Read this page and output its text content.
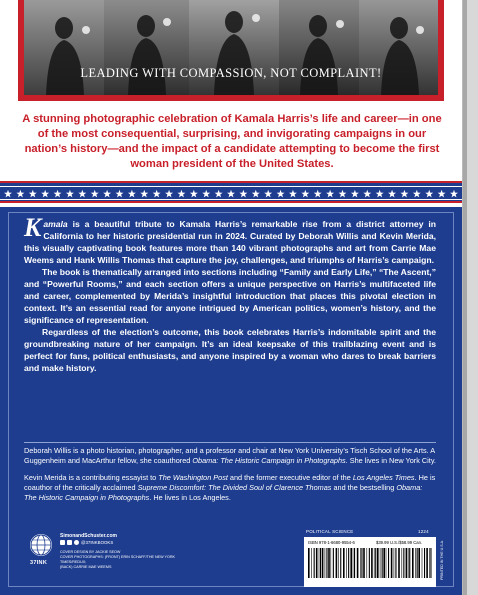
LEADING WITH COMPASSION, NOT COMPLAINT!
A stunning photographic celebration of Kamala Harris’s life and career—in one of the most consequential, surprising, and invigorating campaigns in our nation’s history—and the impact of a candidate attempting to become the first woman president of the United States.

Kamala is a beautiful tribute to Kamala Harris’s remarkable rise from a district attorney in California to her historic presidential run in 2024. Curated by Deborah Willis and Kevin Merida, this visually captivating book features more than 140 vibrant photographs and art from Carrie Mae Weems and Hank Willis Thomas that capture the joy, challenges, and triumphs of Harris’s campaign.

The book is thematically arranged into sections including “Family and Early Life,” “The Ascent,” and “Powerful Rooms,” and each section offers a unique perspective on Harris’s multifaceted life and career, complemented by Merida’s insightful introduction that places this pivotal election in context. It’s an essential read for anyone intrigued by American politics, women’s history, and the significance of representation.

Regardless of the election’s outcome, this book celebrates Harris’s indomitable spirit and the groundbreaking nature of her campaign. It’s an ideal keepsake of this trailblazing event and is perfect for fans, political enthusiasts, and anyone inspired by a woman who dares to break barriers and make history.

Deborah Willis is a photo historian, photographer, and a professor and chair at New York University’s Tisch School of the Arts. A Guggenheim and MacArthur fellow, she coauthored Obama: The Historic Campaign in Photographs. She lives in New York City.

Kevin Merida is a contributing essayist to The Washington Post and the former executive editor of the Los Angeles Times. He is coauthor of the critically acclaimed Supreme Discomfort: The Divided Soul of Clarence Thomas and the bestselling Obama: The Historic Campaign in Photographs. He lives in Los Angeles.

POLITICAL SCIENCE	1224
ISBN 978-1-6680-9554-6	$39.99 U.S./$58.99 Can.	PRINTED IN THE U.S.A.
37INK
SimonandSchuster.com
@37INKBOOKS
COVER DESIGN BY JACKIE SEOW
COVER PHOTOGRAPHS: (FRONT) ERIN SCHAFF/THE NEW YORK TIMES/REDUX;
(BACK) CARRIE MAE WEEMS
